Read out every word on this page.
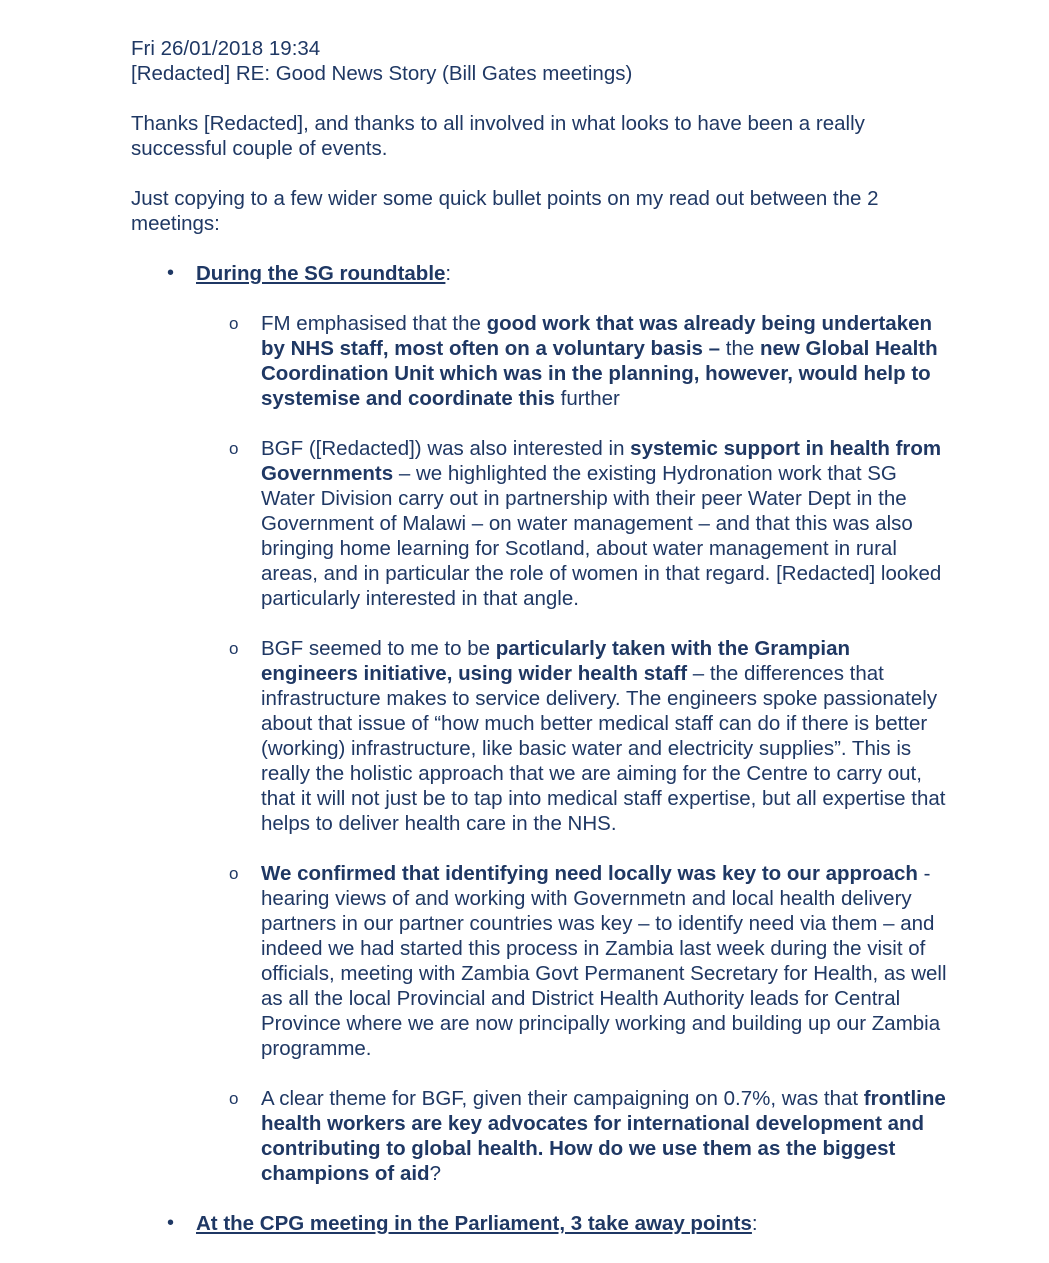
Fri 26/01/2018 19:34

[Redacted] RE: Good News Story (Bill Gates meetings)

Thanks [Redacted], and thanks to all involved in what looks to have been a really successful couple of events.

Just copying to a few wider some quick bullet points on my read out between the 2 meetings:

• During the SG roundtable:

o FM emphasised that the good work that was already being undertaken by NHS staff, most often on a voluntary basis – the new Global Health Coordination Unit which was in the planning, however, would help to systemise and coordinate this further

o BGF ([Redacted]) was also interested in systemic support in health from Governments – we highlighted the existing Hydronation work that SG Water Division carry out in partnership with their peer Water Dept in the Government of Malawi – on water management – and that this was also bringing home learning for Scotland, about water management in rural areas, and in particular the role of women in that regard. [Redacted] looked particularly interested in that angle.

o BGF seemed to me to be particularly taken with the Grampian engineers initiative, using wider health staff – the differences that infrastructure makes to service delivery. The engineers spoke passionately about that issue of “how much better medical staff can do if there is better (working) infrastructure, like basic water and electricity supplies”. This is really the holistic approach that we are aiming for the Centre to carry out, that it will not just be to tap into medical staff expertise, but all expertise that helps to deliver health care in the NHS.

o We confirmed that identifying need locally was key to our approach - hearing views of and working with Governmetn and local health delivery partners in our partner countries was key – to identify need via them – and indeed we had started this process in Zambia last week during the visit of officials, meeting with Zambia Govt Permanent Secretary for Health, as well as all the local Provincial and District Health Authority leads for Central Province where we are now principally working and building up our Zambia programme.

o A clear theme for BGF, given their campaigning on 0.7%, was that frontline health workers are key advocates for international development and contributing to global health. How do we use them as the biggest champions of aid?

• At the CPG meeting in the Parliament, 3 take away points:
